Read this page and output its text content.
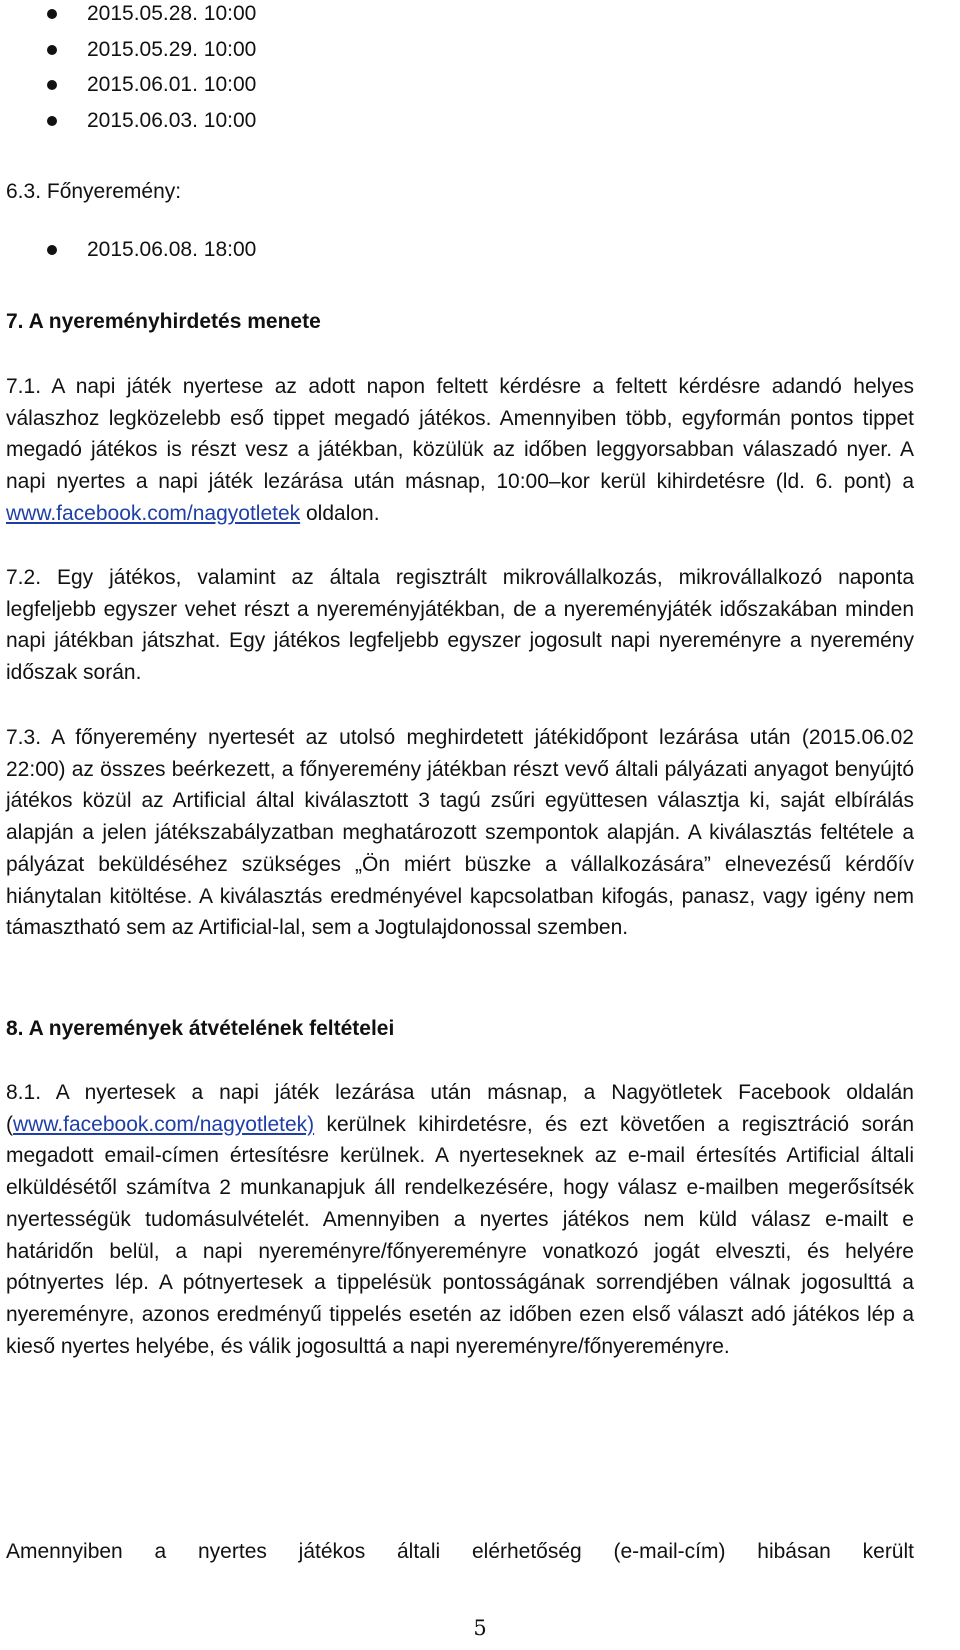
2015.05.28. 10:00
2015.05.29. 10:00
2015.06.01. 10:00
2015.06.03. 10:00
6.3. Főnyeremény:
2015.06.08. 18:00
7. A nyereményhirdetés menete

7.1. A napi játék nyertese az adott napon feltett kérdésre a feltett kérdésre adandó helyes válaszhoz legközelebb eső tippet megadó játékos. Amennyiben több, egyformán pontos tippet megadó játékos is részt vesz a játékban, közülük az időben leggyorsabban válaszadó nyer. A napi nyertes a napi játék lezárása után másnap, 10:00–kor kerül kihirdetésre (ld. 6. pont) a www.facebook.com/nagyotletek oldalon.

7.2. Egy játékos, valamint az általa regisztrált mikrovállalkozás, mikrovállalkozó naponta legfeljebb egyszer vehet részt a nyereményjátékban, de a nyereményjáték időszakában minden napi játékban játszhat. Egy játékos legfeljebb egyszer jogosult napi nyereményre a nyeremény időszak során.

7.3. A főnyeremény nyertesét az utolsó meghirdetett játékidőpont lezárása után (2015.06.02 22:00) az összes beérkezett, a főnyeremény játékban részt vevő általi pályázati anyagot benyújtó játékos közül az Artificial által kiválasztott 3 tagú zsűri együttesen választja ki, saját elbírálás alapján a jelen játékszabályzatban meghatározott szempontok alapján. A kiválasztás feltétele a pályázat beküldéséhez szükséges „Ön miért büszke a vállalkozására” elnevezésű kérdőív hiánytalan kitöltése. A kiválasztás eredményével kapcsolatban kifogás, panasz, vagy igény nem támasztható sem az Artificial-lal, sem a Jogtulajdonossal szemben.

8. A nyeremények átvételének feltételei

8.1. A nyertesek a napi játék lezárása után másnap, a Nagyötletek Facebook oldalán (www.facebook.com/nagyotletek) kerülnek kihirdetésre, és ezt követően a regisztráció során megadott email-címen értesítésre kerülnek. A nyerteseknek az e-mail értesítés Artificial általi elküldésétől számítva 2 munkanapjuk áll rendelkezésére, hogy válasz e-mailben megerősítsék nyertességük tudomásulvételét. Amennyiben a nyertes játékos nem küld válasz e-mailt e határidőn belül, a napi nyereményre/főnyereményre vonatkozó jogát elveszti, és helyére pótnyertes lép. A pótnyertesek a tippelésük pontosságának sorrendjében válnak jogosulttá a nyereményre, azonos eredményű tippelés esetén az időben ezen első választ adó játékos lép a kieső nyertes helyébe, és válik jogosulttá a napi nyereményre/főnyereményre.

Amennyiben a nyertes játékos általi elérhetőség (e-mail-cím) hibásan került

5
